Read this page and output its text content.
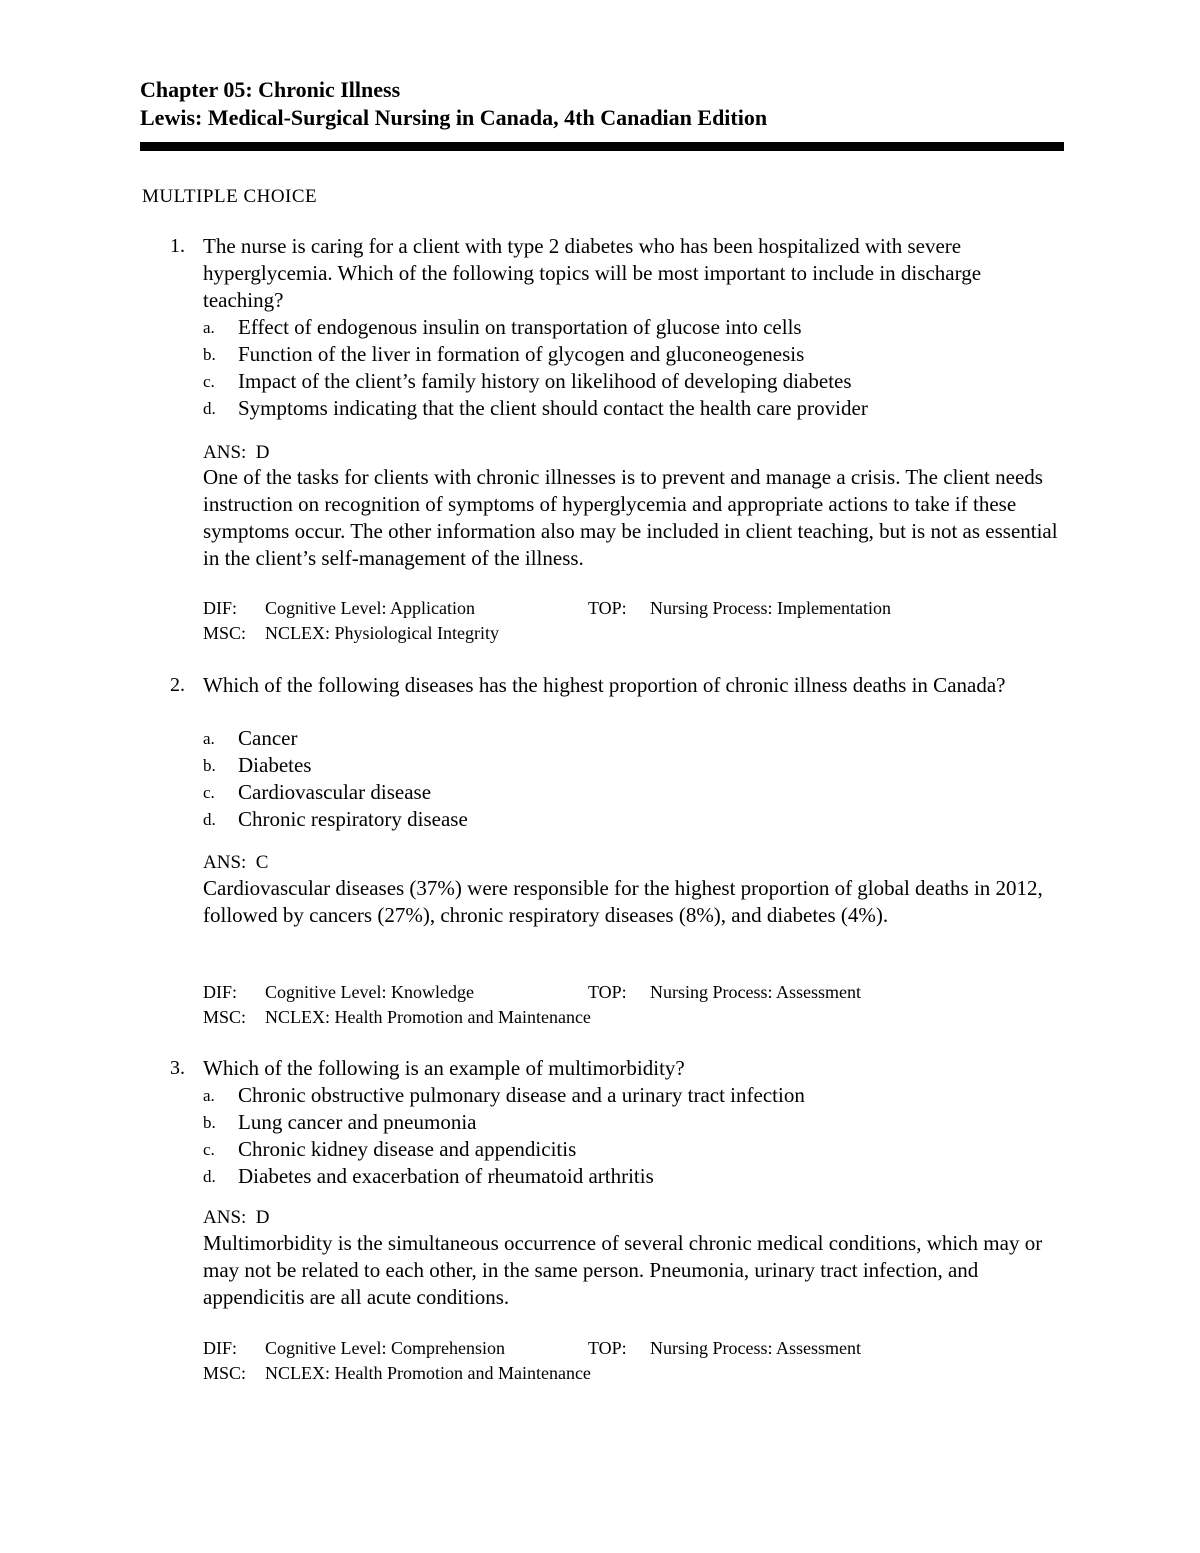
Chapter 05: Chronic Illness

Lewis: Medical-Surgical Nursing in Canada, 4th Canadian Edition

MULTIPLE CHOICE
1. The nurse is caring for a client with type 2 diabetes who has been hospitalized with severe hyperglycemia. Which of the following topics will be most important to include in discharge teaching?
a. Effect of endogenous insulin on transportation of glucose into cells
b. Function of the liver in formation of glycogen and gluconeogenesis
c. Impact of the client’s family history on likelihood of developing diabetes
d. Symptoms indicating that the client should contact the health care provider
ANS: D
One of the tasks for clients with chronic illnesses is to prevent and manage a crisis. The client needs instruction on recognition of symptoms of hyperglycemia and appropriate actions to take if these symptoms occur. The other information also may be included in client teaching, but is not as essential in the client’s self-management of the illness.
DIF: Cognitive Level: Application	TOP: Nursing Process: Implementation
MSC: NCLEX: Physiological Integrity
2. Which of the following diseases has the highest proportion of chronic illness deaths in Canada?
a. Cancer
b. Diabetes
c. Cardiovascular disease
d. Chronic respiratory disease
ANS: C
Cardiovascular diseases (37%) were responsible for the highest proportion of global deaths in 2012, followed by cancers (27%), chronic respiratory diseases (8%), and diabetes (4%).
DIF: Cognitive Level: Knowledge	TOP: Nursing Process: Assessment
MSC: NCLEX: Health Promotion and Maintenance
3. Which of the following is an example of multimorbidity?
a. Chronic obstructive pulmonary disease and a urinary tract infection
b. Lung cancer and pneumonia
c. Chronic kidney disease and appendicitis
d. Diabetes and exacerbation of rheumatoid arthritis
ANS: D
Multimorbidity is the simultaneous occurrence of several chronic medical conditions, which may or may not be related to each other, in the same person. Pneumonia, urinary tract infection, and appendicitis are all acute conditions.
DIF: Cognitive Level: Comprehension	TOP: Nursing Process: Assessment
MSC: NCLEX: Health Promotion and Maintenance
